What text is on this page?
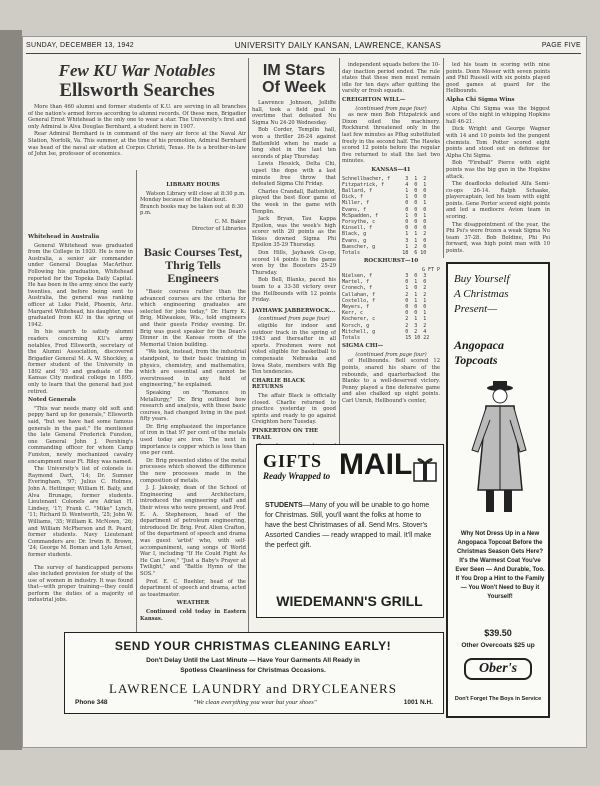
SUNDAY, DECEMBER 13, 1942	UNIVERSITY DAILY KANSAN, LAWRENCE, KANSAS	PAGE FIVE
Few KU War Notables
Ellsworth Searches

More than 460 alumni and former students of K.U. are serving in all branches of the nation's armed forces according to alumni records. Of these men, Brigadier General Ernst Whitehead is the only one to wear a star. The University's first and only Admiral is Alva Douglas Bernhard, a student here in 1907.

Rear Admiral Bernhard is in command of the navy air force at the Naval Air Station, Norfolk, Va. This summer, at the time of his promotion, Admiral Bernhard was head of the naval air station at Corpus Christi, Texas. He is a brother-in-law of John Ise, professor of economics.

Whitehead in Australia

General Whitehead was graduated from the College in 1920. He is now in Australia, a senior air commander under General Douglas MacArthur. Following his graduation, Whitehead reported for the Topeka Daily Capital. He has been in the army since the early twenties, and before being sent to Australia, the general was ranking officer at Luke Field, Phoenix, Ariz. Margaret Whitehead, his daughter, was graduated from KU in the spring of 1942.

In his search to satisfy alumni readers concerning KU's army notables, Fred Ellsworth, secretary of the Alumni Association, discovered Brigadier General M. A. W. Shockley, a former student of the University in 1892 and '93 and graduate of the Kansas City medical college in 1895, only to learn that the general had just retired.

Noted Generals

"This war needs many old soft and peppy hard up for generals," Ellsworth said, "but we have had some famous generals in the past." He mentioned the late General Frederick Funston, one General John J. Pershing's commanding officer for whom Camp Funston, newly mechanized cavalry encampment near Ft. Riley was named.

The University's list of colonels is: Raymond Dart, '14; Dr. Sumner Everingham, '97; Julius C. Holmes, John A. Hettinger, William H. Baily, and Alva Brunage, former students. Lieutenant Colonels are Adrian H. Lindsey, '17; Frank C. "Mike" Lynch, '11; Richard D. Wentworth, '25; John W. Williams, '35; William K. McNown, '26; and William McPherson and R. Peard, former students. Navy Lieutenant Commanders are: Dr. Irwin R. Brown, '24; George M. Boman and Lyle Arnsel, former students.

The survey of handicapped persons also included provision for study of the use of women in industry. It was found that—with proper training—they could perform the duties of a majority of industrial jobs.

LIBRARY HOURS

Watson Library will close at 8:30 p.m. Monday because of the blackout. Branch books may be taken out at 8:30 p.m.

C. M. Baker
Director of Libraries
Basic Courses Test, Thrig Tells Engineers

"Basic courses rather than the advanced courses are the criteria for which engineering graduates are selected for jobs today," Dr. Harry K. Brig, Milwaukee, Wis., told engineers and their guests Friday evening. Dr. Brig was guest speaker for the Dean's Dinner in the Kansas room of the Memorial Union building.

"We look, instead, from the industrial standpoint, to their basic training in physics, chemistry, and mathematics, which are essential and cannot be overstressed in any field of engineering," he explained.

Speaking on "Romance in Metallurgy," Dr. Brig outlined how research and analysis, with these basic courses, had changed living in the past fifty years.

Dr. Brig emphasized the importance of iron in that 97 per cent of the metals used today are iron. The next in importance is copper which is less than one per cent.

Dr. Brig presented slides of the metal processes which showed the difference the new processes made in the composition of metals.

J. J. Jakosky, dean of the School of Engineering and Architecture, introduced the engineering staff and their wives who were present, and Prof. E. A. Stephenson, head of the department of petroleum engineering, introduced Dr. Brig. Prof. Allen Crafton, of the department of speech and drama was guest 'artist' who, with self-accompaniment, sang songs of World War I, including "If He Could Fight As He Can Love," "Just a Baby's Prayer at Twilight," and "Battle Hymn of the SOS."

Prof. E. C. Buehler, head of the department of speech and drama, acted as toastmaster.

WEATHER

Continued cold today in Eastern Kansas.

IM Stars Of Week

Lawrence Johnson, Jolliffe hall, took a field goal in overtime that defeated Nu Sigma Nu 24-20 Wednesday.

Bob Corder, Templin hall, won a thriller 26-24 against Battenfeld when he made a long shot in the last ten seconds of play Thursday.

Lewis Hessick, Delta Chi, upset the dope with a last minute free throw that defeated Sigma Chi Friday.

Charles Crandall, Battenfeld, played the best floor game of the week in the game with Templin.

Jack Bryan, Tau Kappa Epsilon, was the week's high scorer with 20 points as the Tekes downed Sigma Phi Epsilon 35-29 Thursday.

Don Hills, Jayhawk Co-op, scored 14 points in the game won by the Boosters 25-29 Thursday.

Bob Bell, Blanks, paced his team to a 33-38 victory over the Hellbounds with 12 points Friday.

JAYHAWK JABBERWOCK...
(continued from page four)

eligible for indoor and outdoor track in the spring of 1943 and thereafter in all sports. Freshmen were not voted eligible for basketball to compensate Nebraska and Iowa State, members with Big Ten tendencies.

CHARLIE BLACK RETURNS

The affair Black is officially closed. Charlie returned to practice yesterday in good spirits and ready to go against Creighton here Tuesday.

PINKERTON ON THE TRAIL

independent squads before the 10-day inaction period ended. The rule states that these men must remain idle for ten days after quitting the varsity or frosh squads.

CREIGHTON WILL—
(continued from page four)

as new men Bob Fitzpatrick and Dixon oiled the machinery. Rockhurst threatened only in the last few minutes as Pflug substituted freely in the second half. The Hawks scored 12 points before the regular five returned to stall the last two minutes.

KANSAS—41
Schnellbacher, f     3  1  2
Fitzpatrick, f       4  0  1
Ballard, f           1  0  0
Dick, f              1  0  0
Miller, f            0  0  1
Evans, f             0  0  0
McSpadden, f         1  0  1
Forsythe, c          0  0  0
Kinsell, f           0  0  0
Black, g             1  1  2
Evans, g             3  1  0
Buescher, g          1  2  0
Totals              18  6 10
ROCKHURST—10
G FT P
Nielsen, f           3  0  3
Martel, f            0  1  0
Cronech, f           1  0  2
Callahan, f          2  1  2
Costello, f          0  1  1
Meyers, f            0  0  0
Kerr, c              0  0  1
Kocherer, c          2  1  1
Korsch, g            2  3  2
Mitchell, g          0  2  4
Totals               15 10 22
SIGMA CHI—
(continued from page four)

of Hellbounds. Bell scored 12 points, snared his share of the rebounds, and quarterbacked the Blanks to a well-deserved victory. Penny played a fine defensive game and also chalked up eight points. Carl Unruh, Hellbound's center,

led his team in scoring with nine points. Donn Mosser with seven points and Phil Russell with six points played good games at guard for the Hellbounds.

Alpha Chi Sigma Wins

Alpha Chi Sigma was the biggest score of the night in whipping Hopkins hall 46-21.

Dick Wright and George Wagner with 14 and 10 points led the pungent chemists. Tom Potter scored eight points and stood out on defense for Alpha Chi Sigma.

Bob "Fireball" Pierce with eight points was the big gun in the Hopkins attack.

The deadlocks defeated Alfa Semi-co-ops 26-14. Ralph Schaake, playercaptain, led his team with eight points. Gene Porter scored eight points and led a mediocre Avion team in scoring.

The disappointment of the year, the Phi Psi's were frozen a weak Sigma Nu team 37-28. Bob Boldine, Phi Psi forward, was high point man with 10 points.

GIFTS
Ready Wrapped to MAIL
STUDENTS—Many of you will be unable to go home for Christmas. Still, you'll want the folks at home to have the best Christmases of all. Send Mrs. Stover's Assorted Candies — ready wrapped to mail. It'll make the perfect gift.
WIEDEMANN'S GRILL
Buy Yourself
A Christmas
Present—
Angopaca
Topcoats
Why Not Dress Up in a New Angopaca Topcoat Before the Christmas Season Gets Here? It's the Warmest Coat You've Ever Seen — And Durable, Too. If You Drop a Hint to the Family — You Won't Need to Buy it Yourself!
$39.50
Other Overcoats $25 up
Ober's
Don't Forget The Boys in Service
SEND YOUR CHRISTMAS CLEANING EARLY!
Don't Delay Until the Last Minute — Have Your Garments All Ready in
Spotless Cleanliness for Christmas Occasions.
LAWRENCE LAUNDRY and DRYCLEANERS
Phone 348	"We clean everything you wear but your shoes"	1001 N.H.
